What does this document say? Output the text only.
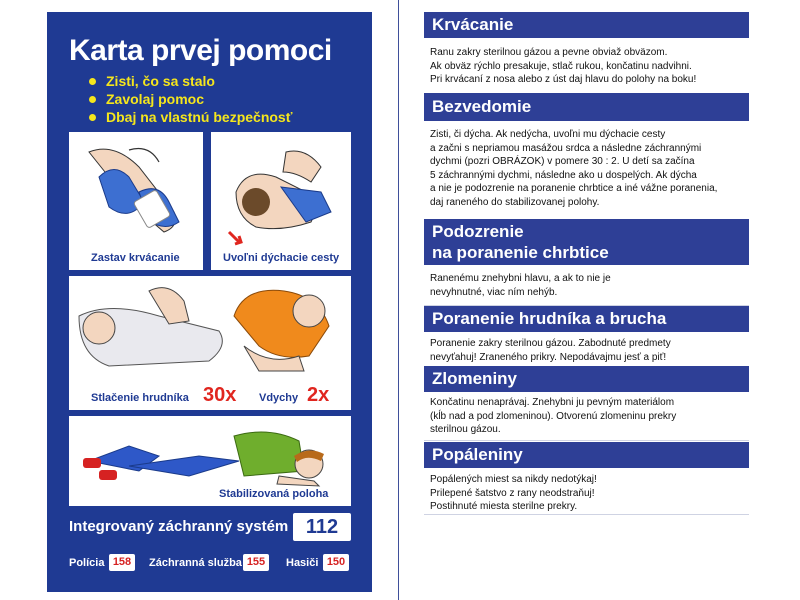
Karta prvej pomoci
Zisti, čo sa stalo
Zavolaj pomoc
Dbaj na vlastnú bezpečnosť
Zastav krvácanie	Uvoľni dýchacie cesty
Stlačenie hrudníka 30x Vdychy 2x
Stabilizovaná poloha
Integrovaný záchranný systém 112
Polícia 158	Záchranná služba 155	Hasiči 150
Krvácanie
Ranu zakry sterilnou gázou a pevne obviaž obväzom.
Ak obväz rýchlo presakuje, stlač rukou, končatinu nadvihni.
Pri krvácaní z nosa alebo z úst daj hlavu do polohy na boku!
Bezvedomie
Zisti, či dýcha. Ak nedýcha, uvoľni mu dýchacie cesty
a začni s nepriamou masážou srdca a následne záchrannými
dychmi (pozri OBRÁZOK) v pomere 30 : 2. U detí sa začína
5 záchrannými dychmi, následne ako u dospelých. Ak dýcha
a nie je podozrenie na poranenie chrbtice a iné vážne poranenia,
daj raneného do stabilizovanej polohy.
Podozrenie
na poranenie chrbtice
Ranenému znehybni hlavu, a ak to nie je
nevyhnutné, viac ním nehýb.
Poranenie hrudníka a brucha
Poranenie zakry sterilnou gázou. Zabodnuté predmety
nevyťahuj! Zraneného prikry. Nepodávajmu jesť a piť!
Zlomeniny
Končatinu nenaprávaj. Znehybni ju pevným materiálom
(kĺb nad a pod zlomeninou). Otvorenú zlomeninu prekry
sterilnou gázou.
Popáleniny
Popálených miest sa nikdy nedotýkaj!
Prilepené šatstvo z rany neodstraňuj!
Postihnuté miesta sterilne prekry.
